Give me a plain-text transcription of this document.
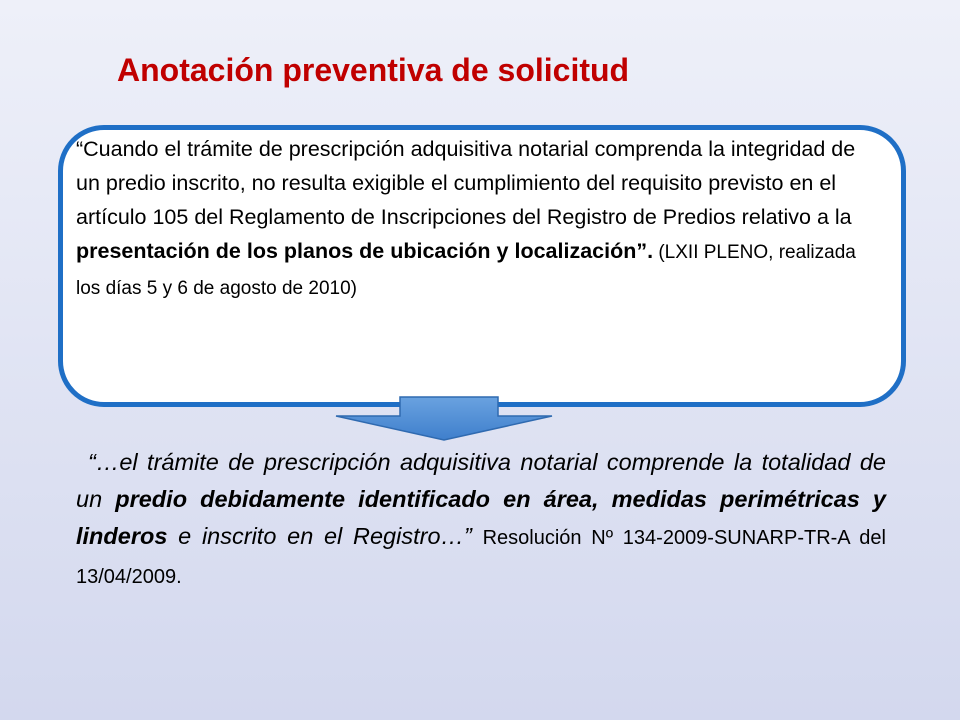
Anotación preventiva de solicitud
“Cuando el trámite de prescripción adquisitiva notarial comprenda la integridad de un predio inscrito, no resulta exigible el cumplimiento del requisito previsto en el artículo 105 del Reglamento de Inscripciones del Registro de Predios relativo a la presentación de los planos de ubicación y localización”. (LXII PLENO, realizada los días 5 y 6 de agosto de 2010)
“…el trámite de prescripción adquisitiva notarial comprende la totalidad de un predio debidamente identificado en área, medidas perimétricas y linderos e inscrito en el Registro…” Resolución Nº 134-2009-SUNARP-TR-A del 13/04/2009.
